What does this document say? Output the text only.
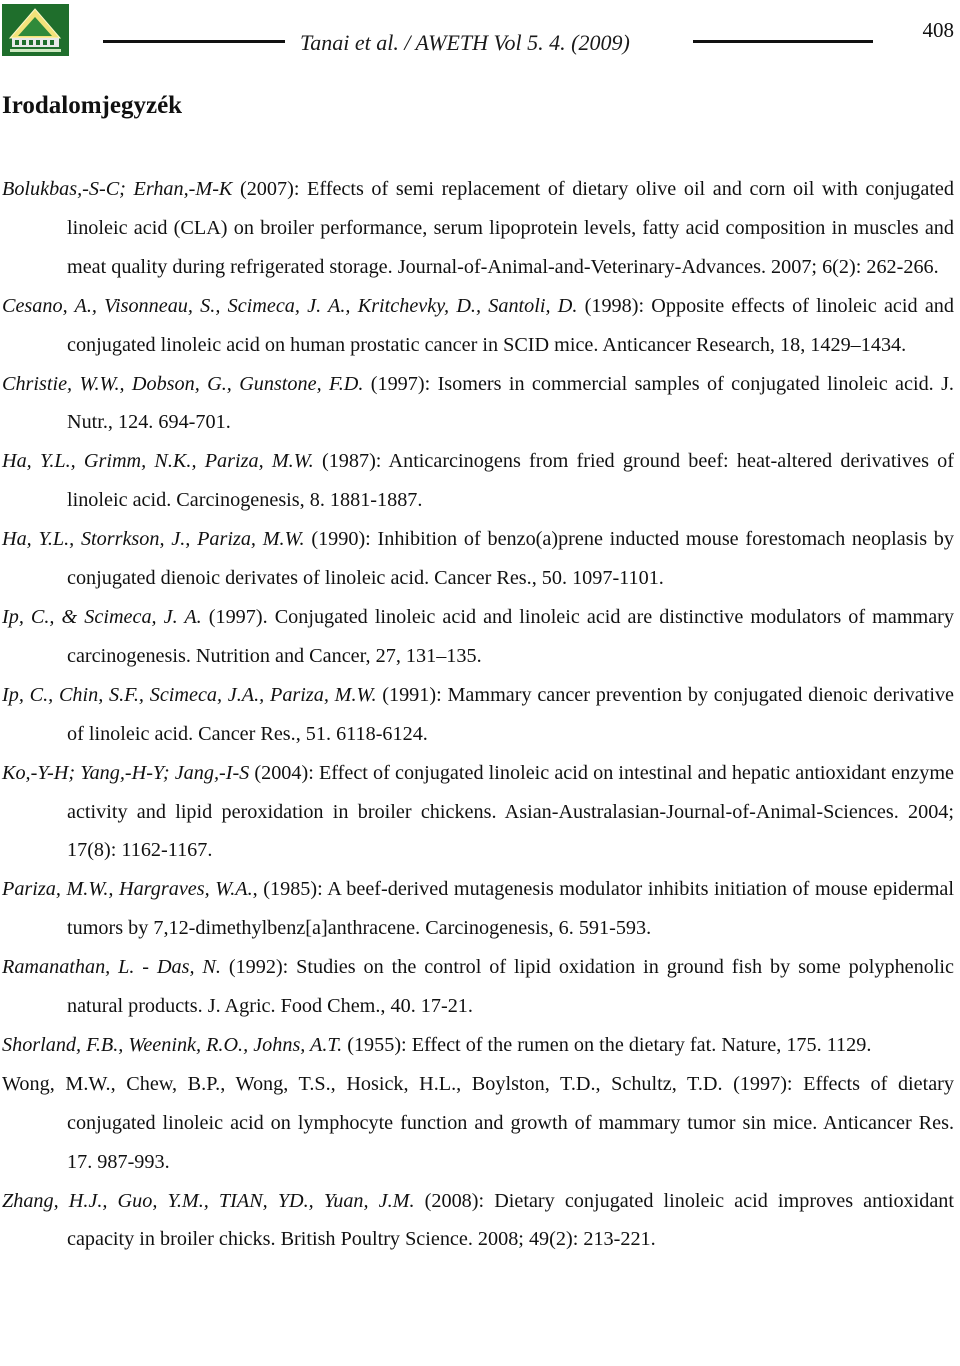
Tanai et al. / AWETH Vol 5. 4. (2009)	408
Irodalomjegyzék
Bolukbas,-S-C; Erhan,-M-K (2007): Effects of semi replacement of dietary olive oil and corn oil with conjugated linoleic acid (CLA) on broiler performance, serum lipoprotein levels, fatty acid composition in muscles and meat quality during refrigerated storage. Journal-of-Animal-and-Veterinary-Advances. 2007; 6(2): 262-266.
Cesano, A., Visonneau, S., Scimeca, J. A., Kritchevky, D., Santoli, D. (1998): Opposite effects of linoleic acid and conjugated linoleic acid on human prostatic cancer in SCID mice. Anticancer Research, 18, 1429–1434.
Christie, W.W., Dobson, G., Gunstone, F.D. (1997): Isomers in commercial samples of conjugated linoleic acid. J. Nutr., 124. 694-701.
Ha, Y.L., Grimm, N.K., Pariza, M.W. (1987): Anticarcinogens from fried ground beef: heat-altered derivatives of linoleic acid. Carcinogenesis, 8. 1881-1887.
Ha, Y.L., Storrkson, J., Pariza, M.W. (1990): Inhibition of benzo(a)prene inducted mouse forestomach neoplasis by conjugated dienoic derivates of linoleic acid. Cancer Res., 50. 1097-1101.
Ip, C., & Scimeca, J. A. (1997). Conjugated linoleic acid and linoleic acid are distinctive modulators of mammary carcinogenesis. Nutrition and Cancer, 27, 131–135.
Ip, C., Chin, S.F., Scimeca, J.A., Pariza, M.W. (1991): Mammary cancer prevention by conjugated dienoic derivative of linoleic acid. Cancer Res., 51. 6118-6124.
Ko,-Y-H; Yang,-H-Y; Jang,-I-S (2004): Effect of conjugated linoleic acid on intestinal and hepatic antioxidant enzyme activity and lipid peroxidation in broiler chickens. Asian-Australasian-Journal-of-Animal-Sciences. 2004; 17(8): 1162-1167.
Pariza, M.W., Hargraves, W.A., (1985): A beef-derived mutagenesis modulator inhibits initiation of mouse epidermal tumors by 7,12-dimethylbenz[a]anthracene. Carcinogenesis, 6. 591-593.
Ramanathan, L. - Das, N. (1992): Studies on the control of lipid oxidation in ground fish by some polyphenolic natural products. J. Agric. Food Chem., 40. 17-21.
Shorland, F.B., Weenink, R.O., Johns, A.T. (1955): Effect of the rumen on the dietary fat. Nature, 175. 1129.
Wong, M.W., Chew, B.P., Wong, T.S., Hosick, H.L., Boylston, T.D., Schultz, T.D. (1997): Effects of dietary conjugated linoleic acid on lymphocyte function and growth of mammary tumor sin mice. Anticancer Res. 17. 987-993.
Zhang, H.J., Guo, Y.M., TIAN, YD., Yuan, J.M. (2008): Dietary conjugated linoleic acid improves antioxidant capacity in broiler chicks. British Poultry Science. 2008; 49(2): 213-221.
